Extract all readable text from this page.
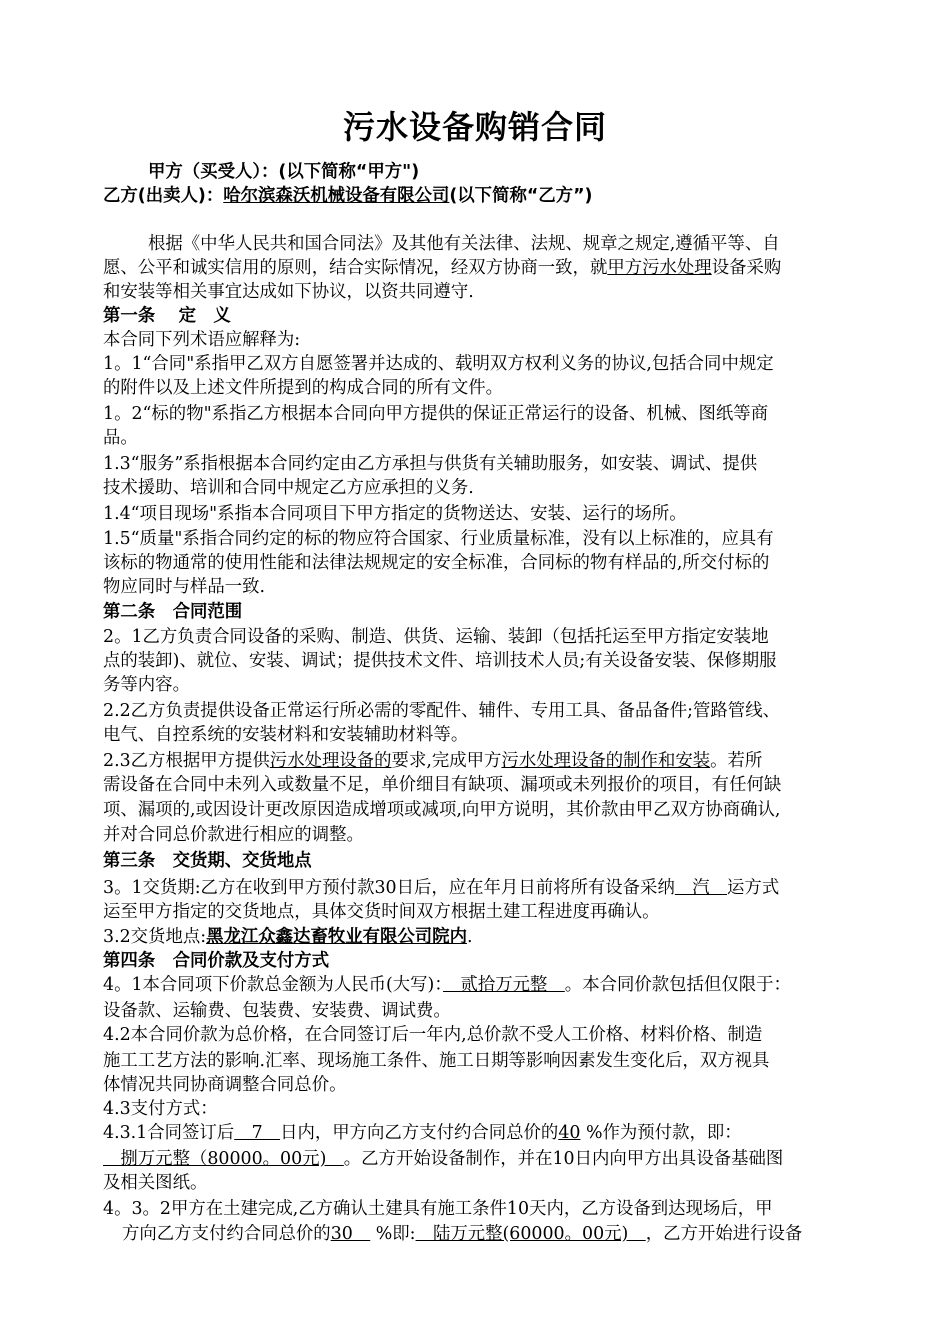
污水设备购销合同
甲方（买受人）：(以下简称“甲方")
乙方(出卖人)：哈尔滨森沃机械设备有限公司(以下简称“乙方”)
根据《中华人民共和国合同法》及其他有关法律、法规、规章之规定,遵循平等、自
愿、公平和诚实信用的原则，结合实际情况，经双方协商一致，就甲方污水处理设备采购
和安装等相关事宜达成如下协议，以资共同遵守.
第一条　 定　义
本合同下列术语应解释为:
1。1“合同"系指甲乙双方自愿签署并达成的、载明双方权利义务的协议,包括合同中规定
的附件以及上述文件所提到的构成合同的所有文件。
1。2“标的物"系指乙方根据本合同向甲方提供的保证正常运行的设备、机械、图纸等商
品。
1.3“服务”系指根据本合同约定由乙方承担与供货有关辅助服务，如安装、调试、提供
技术援助、培训和合同中规定乙方应承担的义务.
1.4“项目现场"系指本合同项目下甲方指定的货物送达、安装、运行的场所。
1.5“质量"系指合同约定的标的物应符合国家、行业质量标准，没有以上标准的，应具有
该标的物通常的使用性能和法律法规规定的安全标准，合同标的物有样品的,所交付标的
物应同时与样品一致.
第二条　合同范围
2。1乙方负责合同设备的采购、制造、供货、运输、装卸（包括托运至甲方指定安装地
点的装卸)、就位、安装、调试；提供技术文件、培训技术人员;有关设备安装、保修期服
务等内容。
2.2乙方负责提供设备正常运行所必需的零配件、辅件、专用工具、备品备件;管路管线、
电气、自控系统的安装材料和安装辅助材料等。
2.3乙方根据甲方提供污水处理设备的要求,完成甲方污水处理设备的制作和安装。若所
需设备在合同中未列入或数量不足，单价细目有缺项、漏项或未列报价的项目，有任何缺
项、漏项的,或因设计更改原因造成增项或减项,向甲方说明，其价款由甲乙双方协商确认,
并对合同总价款进行相应的调整。
第三条　交货期、交货地点
3。1交货期:乙方在收到甲方预付款30日后，应在年月日前将所有设备采纳　汽　运方式
运至甲方指定的交货地点，具体交货时间双方根据土建工程进度再确认。
3.2交货地点:黑龙江众鑫达畜牧业有限公司院内.
第四条　合同价款及支付方式
4。1本合同项下价款总金额为人民币(大写)：　贰拾万元整　。本合同价款包括但仅限于：
设备款、运输费、包装费、安装费、调试费。
4.2本合同价款为总价格，在合同签订后一年内,总价款不受人工价格、材料价格、制造
施工工艺方法的影响.汇率、现场施工条件、施工日期等影响因素发生变化后，双方视具
体情况共同协商调整合同总价。
4.3支付方式：
4.3.1合同签订后　7　日内，甲方向乙方支付约合同总价的40 %作为预付款，即：
　捌万元整（80000。00元)　。乙方开始设备制作，并在10日内向甲方出具设备基础图
及相关图纸。
4。3。2甲方在土建完成,乙方确认土建具有施工条件10天内，乙方设备到达现场后，甲
方向乙方支付约合同总价的30　 %即:　陆万元整(60000。00元)　，乙方开始进行设备
